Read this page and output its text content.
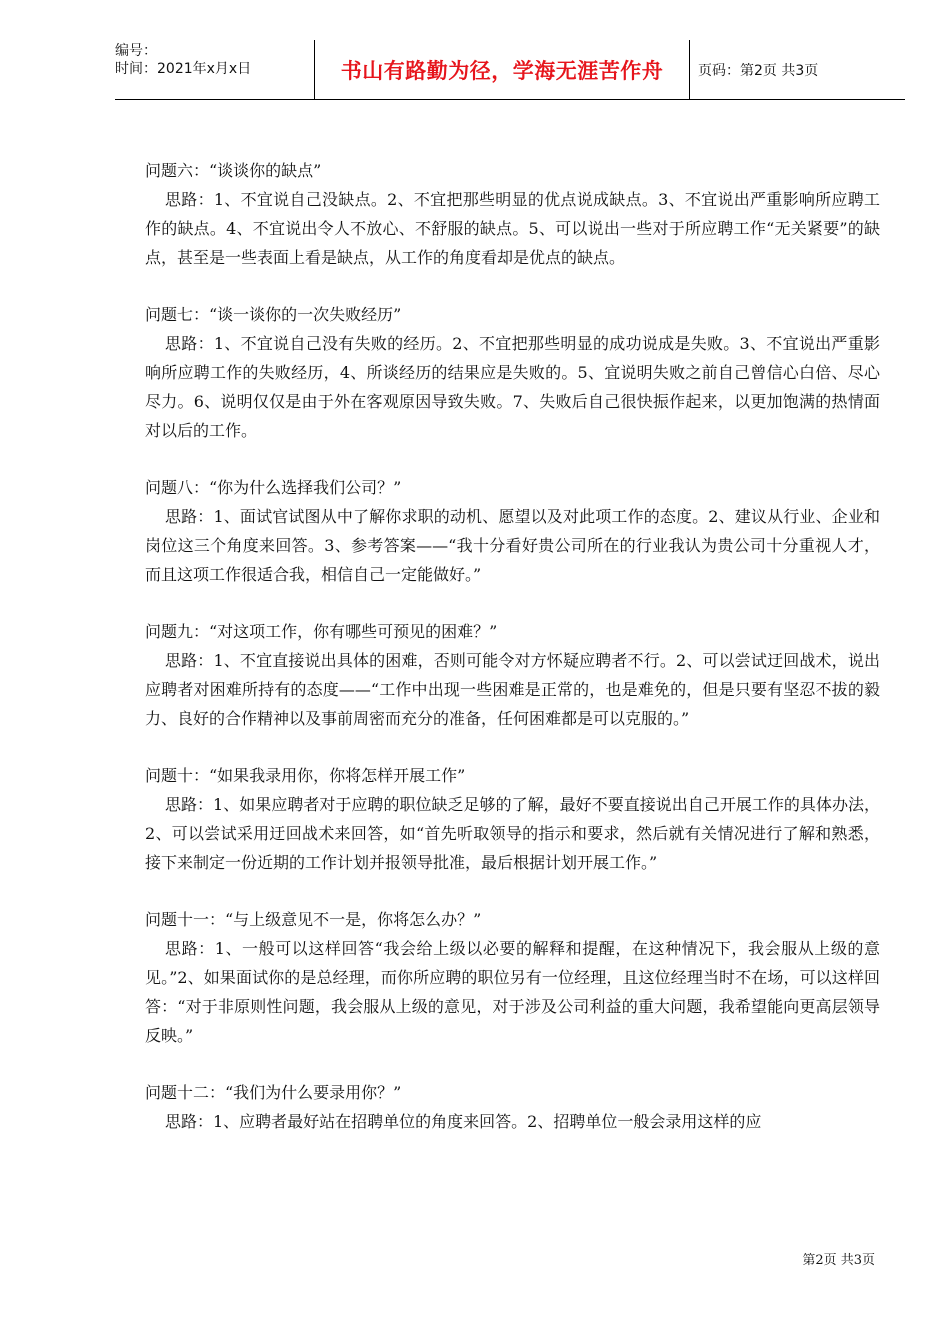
编号：
时间：2021年x月x日	书山有路勤为径，学海无涯苦作舟 页码：第2页 共3页
问题六：“谈谈你的缺点”

思路：1、不宜说自己没缺点。2、不宜把那些明显的优点说成缺点。3、不宜说出严重影响所应聘工作的缺点。4、不宜说出令人不放心、不舒服的缺点。5、可以说出一些对于所应聘工作“无关紧要”的缺点，甚至是一些表面上看是缺点，从工作的角度看却是优点的缺点。

问题七：“谈一谈你的一次失败经历”

思路：1、不宜说自己没有失败的经历。2、不宜把那些明显的成功说成是失败。3、不宜说出严重影响所应聘工作的失败经历，4、所谈经历的结果应是失败的。5、宜说明失败之前自己曾信心白倍、尽心尽力。6、说明仅仅是由于外在客观原因导致失败。7、失败后自己很快振作起来，以更加饱满的热情面对以后的工作。

问题八：“你为什么选择我们公司？”

思路：1、面试官试图从中了解你求职的动机、愿望以及对此项工作的态度。2、建议从行业、企业和岗位这三个角度来回答。3、参考答案——“我十分看好贵公司所在的行业我认为贵公司十分重视人才，而且这项工作很适合我，相信自己一定能做好。”

问题九：“对这项工作，你有哪些可预见的困难？”

思路：1、不宜直接说出具体的困难，否则可能令对方怀疑应聘者不行。2、可以尝试迂回战术，说出应聘者对困难所持有的态度——“工作中出现一些困难是正常的，也是难免的，但是只要有坚忍不拔的毅力、良好的合作精神以及事前周密而充分的准备，任何困难都是可以克服的。”

问题十：“如果我录用你，你将怎样开展工作”

思路：1、如果应聘者对于应聘的职位缺乏足够的了解，最好不要直接说出自己开展工作的具体办法，2、可以尝试采用迂回战术来回答，如“首先听取领导的指示和要求，然后就有关情况进行了解和熟悉，接下来制定一份近期的工作计划并报领导批准，最后根据计划开展工作。”

问题十一：“与上级意见不一是，你将怎么办？”

思路：1、一般可以这样回答“我会给上级以必要的解释和提醒，在这种情况下，我会服从上级的意见。”2、如果面试你的是总经理，而你所应聘的职位另有一位经理，且这位经理当时不在场，可以这样回答：“对于非原则性问题，我会服从上级的意见，对于涉及公司利益的重大问题，我希望能向更高层领导反映。”

问题十二：“我们为什么要录用你？”

思路：1、应聘者最好站在招聘单位的角度来回答。2、招聘单位一般会录用这样的应

第2页 共3页
